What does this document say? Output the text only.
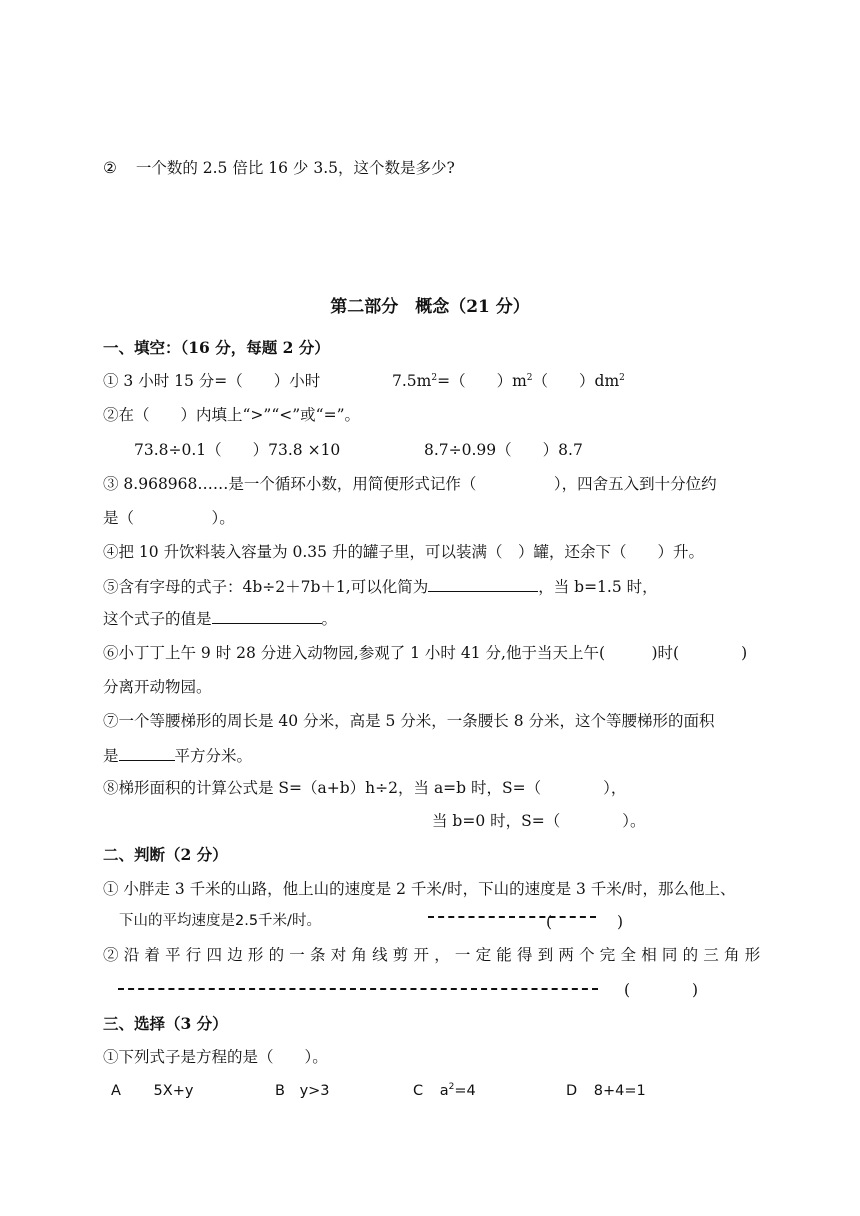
② 一个数的 2.5 倍比 16 少 3.5，这个数是多少?
第二部分　概念（21 分）
一、填空：（16 分，每题 2 分）
① 3 小时 15 分=（　　）小时	$7.5m^2=$（　　）$m^2$（　　）$dm^2$
②在（　　）内填上“>”“<”或“=”。
73.8÷0.1（　　）73.8 ×10	8.7÷0.99（　　）8.7
③ 8.968968……是一个循环小数，用简便形式记作（　　　　　），四舍五入到十分位约
是（　　　　　）。
④把 10 升饮料装入容量为 0.35 升的罐子里，可以装满（　）罐，还余下（　　）升。
⑤含有字母的式子：4b÷2＋7b＋1,可以化简为	，当 b=1.5 时，
这个式子的值是	。
⑥小丁丁上午 9 时 28 分进入动物园,参观了 1 小时 41 分,他于当天上午(　　　)时(　　　　)
分离开动物园。
⑦一个等腰梯形的周长是 40 分米，高是 5 分米，一条腰长 8 分米，这个等腰梯形的面积
是	平方分米。
⑧梯形面积的计算公式是 S=（a+b）h÷2，当 a=b 时，S=（　　　　），
当 b=0 时，S=（　　　　）。
二、判断（2 分）
① 小胖走 3 千米的山路，他上山的速度是 2 千米/时，下山的速度是 3 千米/时，那么他上、
下山的平均速度是2.5千米/时。	(	)
②沿着平行四边形的一条对角线剪开，一定能得到两个完全相同的三角形
(　　　　)
三、选择（3 分）
①下列式子是方程的是（　　）。
A 5X+y	B y>3	C $a^2=4$	D 8+4=1
